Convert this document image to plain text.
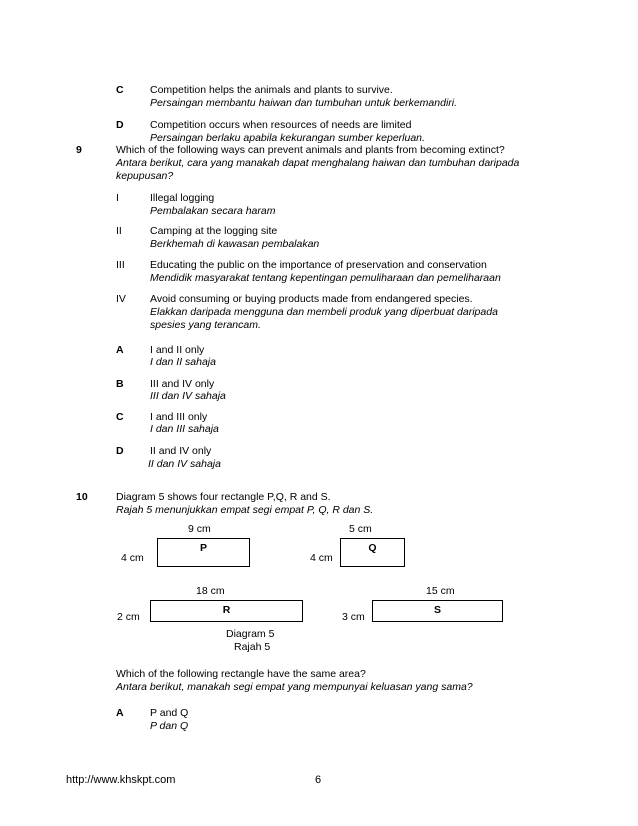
C	Competition helps the animals and plants to survive.
Persaingan membantu haiwan dan tumbuhan untuk berkemandiri.
D	Competition occurs when resources of needs are limited
Persaingan berlaku apabila kekurangan sumber keperluan.
9	Which of the following ways can prevent animals and plants from becoming extinct?
Antara berikut, cara yang manakah dapat menghalang haiwan dan tumbuhan daripada
kepupusan?
I	Illegal logging
Pembalakan secara haram
II	Camping at the logging site
Berkhemah di kawasan pembalakan
III Educating the public on the importance of preservation and conservation
Mendidik masyarakat tentang kepentingan pemuliharaan dan pemeliharaan
IV Avoid consuming or buying products made from endangered species.
Elakkan daripada mengguna dan membeli produk yang diperbuat daripada
spesies yang terancam.
A	I and II only
I dan II sahaja
B	III and IV only
III dan IV sahaja
C	I and III only
I dan III sahaja
D	II and IV only
II dan IV sahaja
10	Diagram 5 shows four rectangle P,Q, R and S.
Rajah 5 menunjukkan empat segi empat P, Q, R dan S.
9 cm
4 cm
P
5 cm
4 cm
Q
18 cm
2 cm
R
15 cm
3 cm
S
Diagram 5
Rajah 5
Which of the following rectangle have the same area?
Antara berikut, manakah segi empat yang mempunyai keluasan yang sama?
A	P and Q
P dan Q
http://www.khskpt.com	6
